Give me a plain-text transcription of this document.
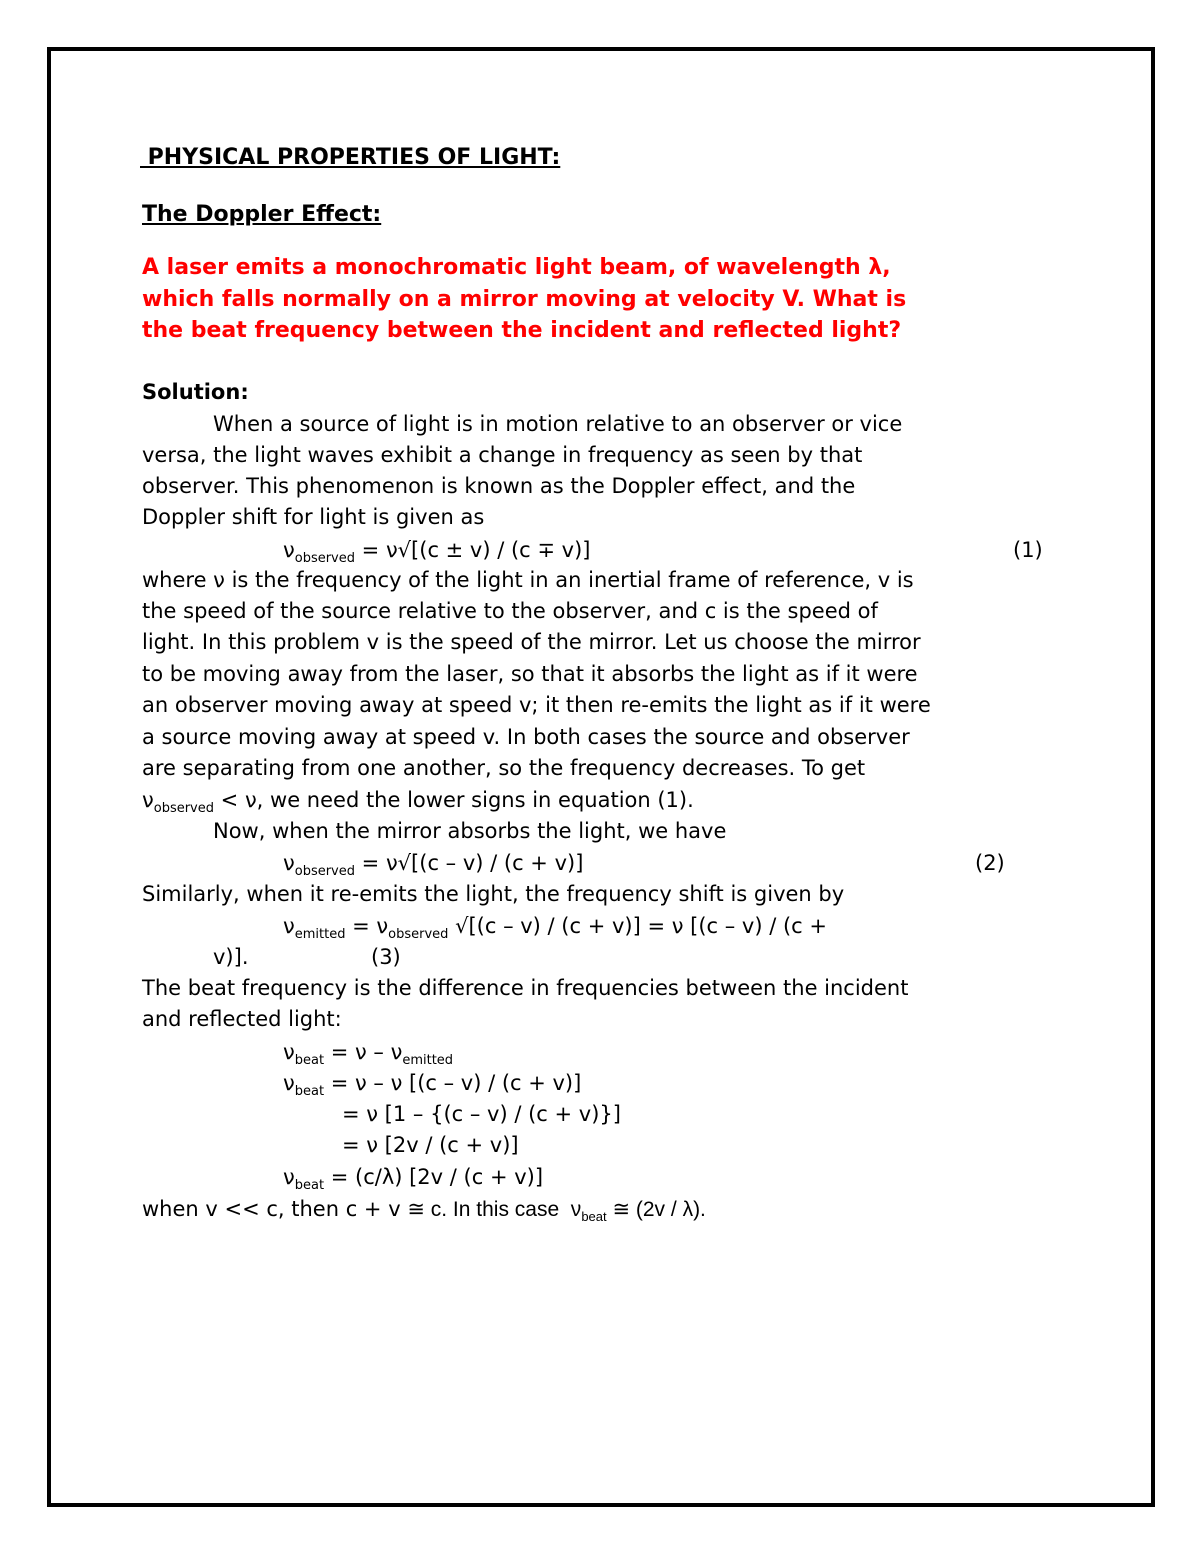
PHYSICAL PROPERTIES OF LIGHT:
The Doppler Effect:
A laser emits a monochromatic light beam, of wavelength λ,
which falls normally on a mirror moving at velocity V. What is
the beat frequency between the incident and reflected light?
Solution:
When a source of light is in motion relative to an observer or vice
versa, the light waves exhibit a change in frequency as seen by that
observer. This phenomenon is known as the Doppler effect, and the
Doppler shift for light is given as
$\nu_{observed} = \nu√[(c \pm v) / (c \mp v)]$	(1)
where ν is the frequency of the light in an inertial frame of reference, v is
the speed of the source relative to the observer, and c is the speed of
light. In this problem v is the speed of the mirror. Let us choose the mirror
to be moving away from the laser, so that it absorbs the light as if it were
an observer moving away at speed v; it then re-emits the light as if it were
a source moving away at speed v. In both cases the source and observer
are separating from one another, so the frequency decreases. To get
$\nu_{observed} < \nu$, we need the lower signs in equation (1).
Now, when the mirror absorbs the light, we have
$\nu_{observed} = \nu√[(c - v) / (c + v)]$	(2)
Similarly, when it re-emits the light, the frequency shift is given by
$\nu_{emitted} = \nu_{observed}$ √[(c – v) / (c + v)] = ν [(c – v) / (c +
v)].	(3)
The beat frequency is the difference in frequencies between the incident
and reflected light:
$\nu_{beat} = \nu - \nu_{emitted}$
$\nu_{beat} = \nu - \nu$ [(c – v) / (c + v)]
= ν [1 – {(c – v) / (c + v)}]
= ν [2v / (c + v)]
$\nu_{beat} = (c/\lambda)$ [2v / (c + v)]
when v << c, then c + v ≅ c. In this case  $\nu_{beat}$ ≅ (2v / λ).
